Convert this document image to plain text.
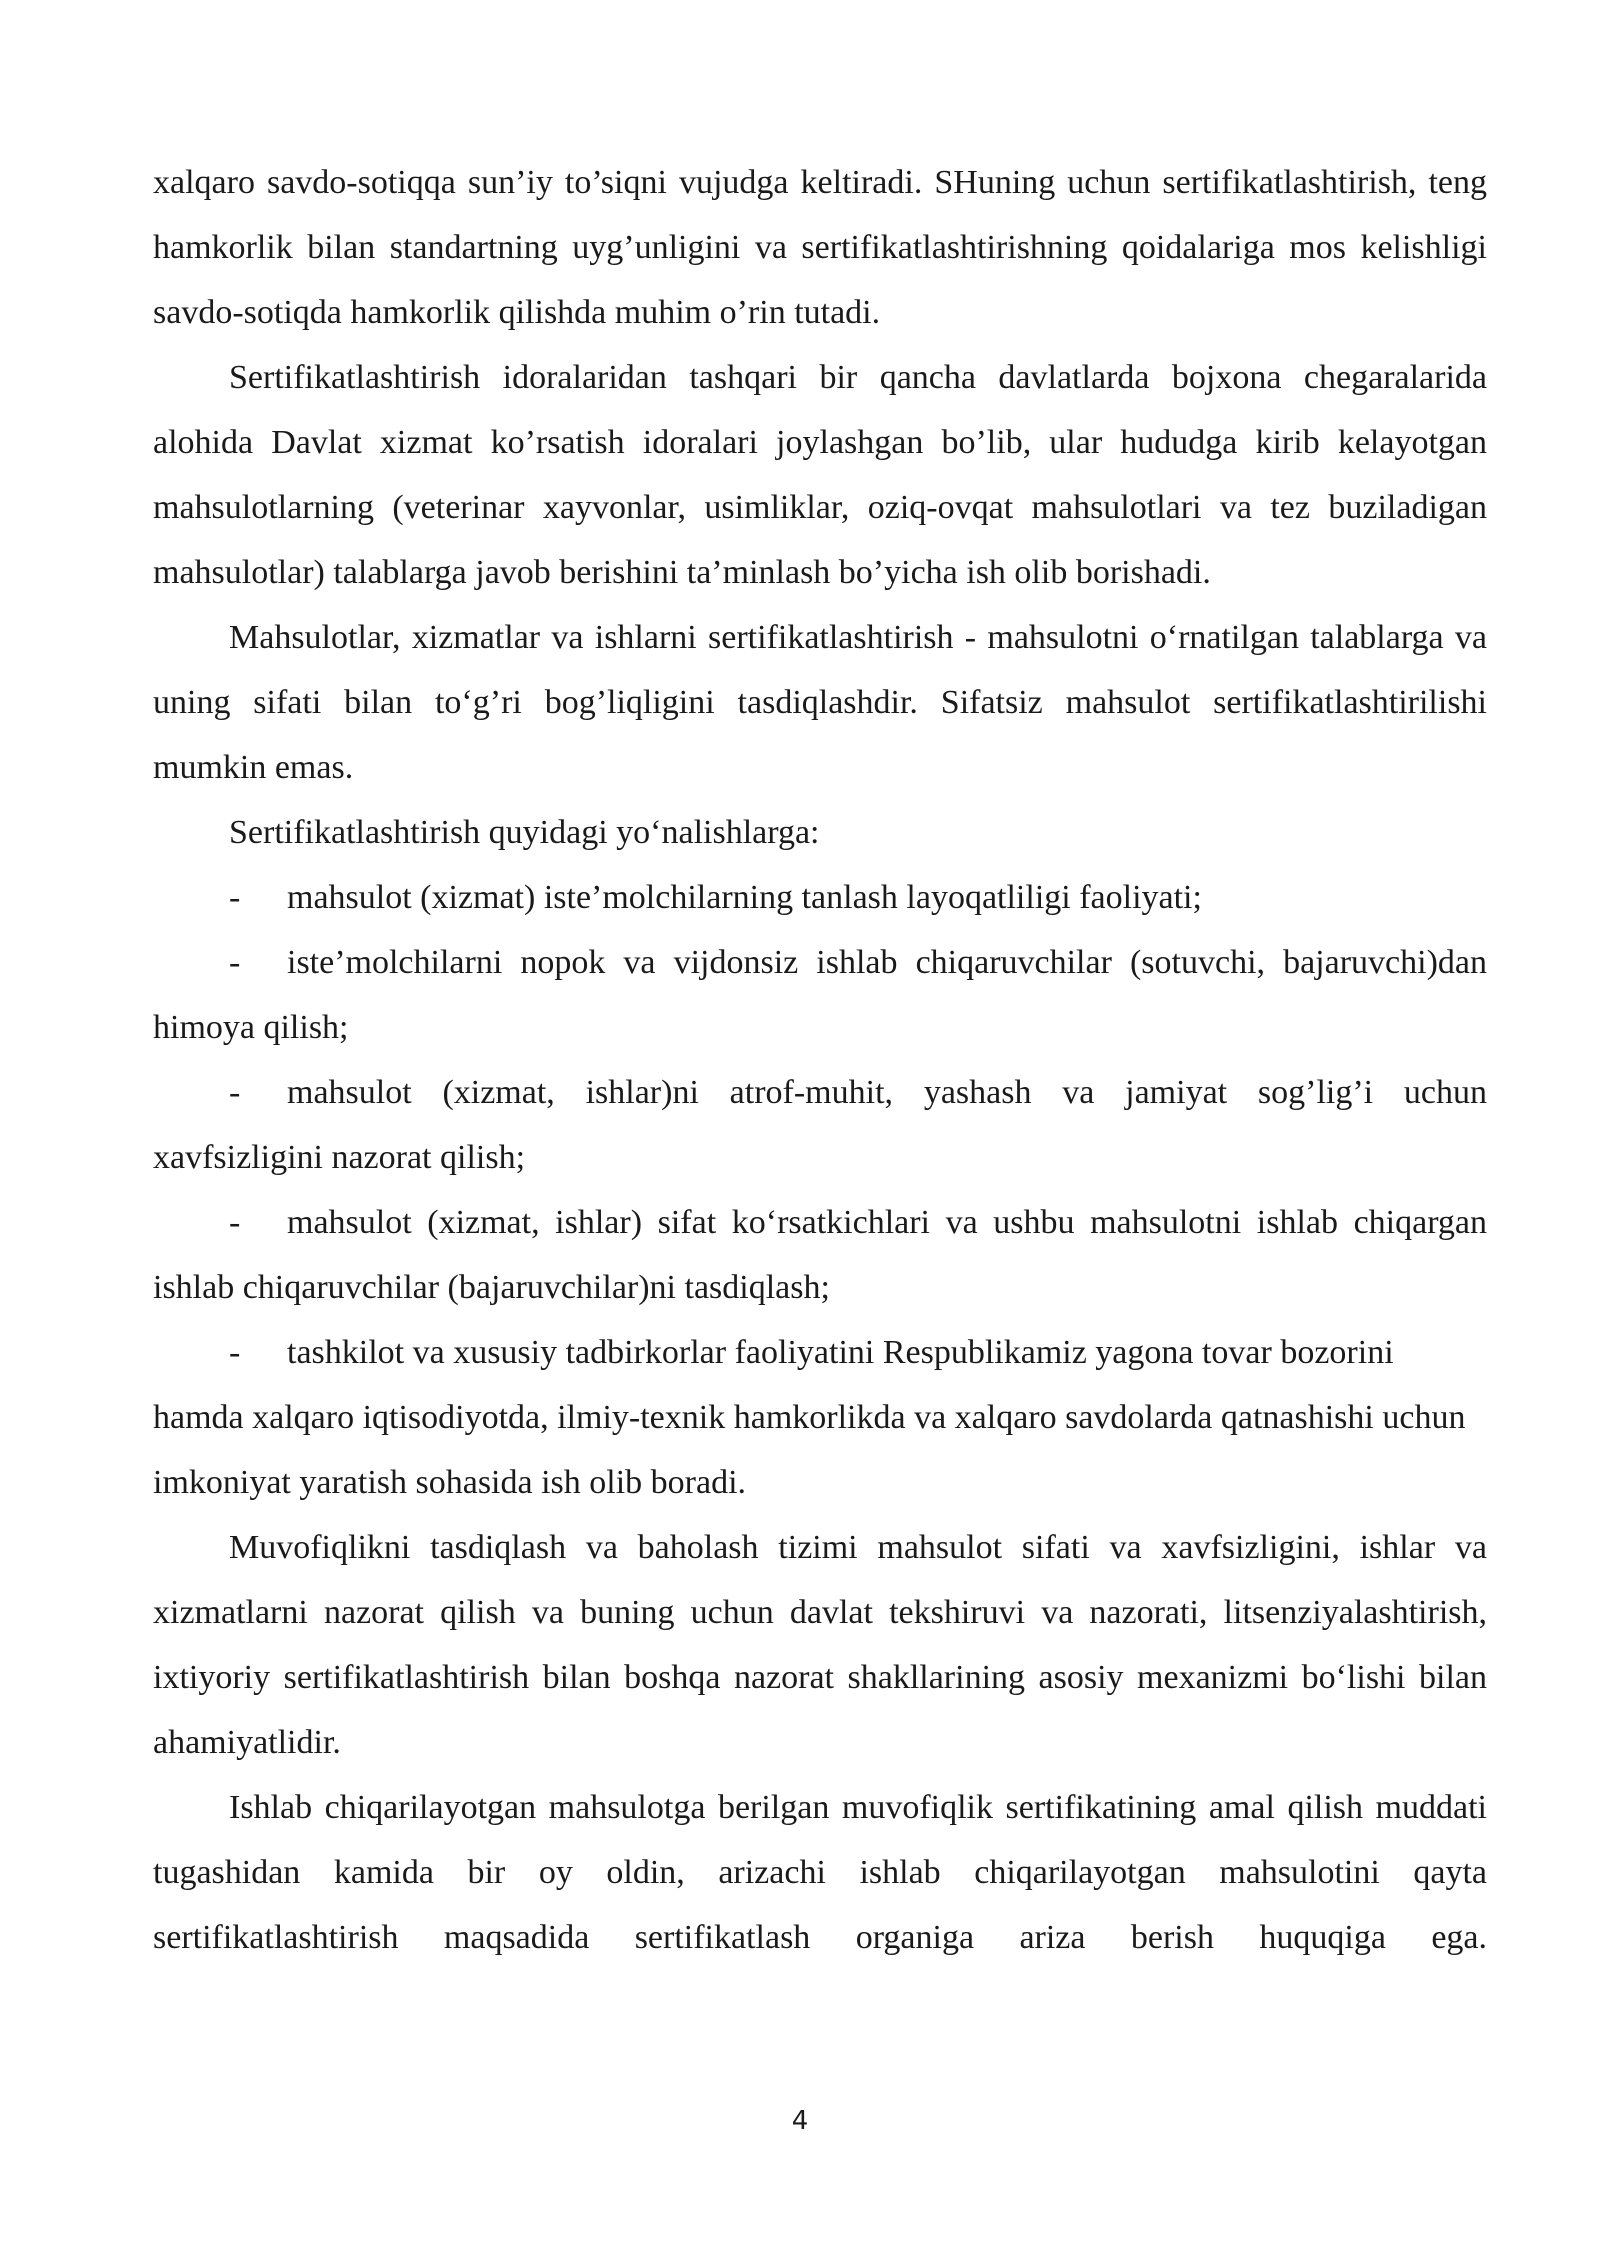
xalqaro savdo-sotiqqa sun’iy to’siqni vujudga keltiradi. SHuning uchun sertifikatlashtirish, teng hamkorlik bilan standartning uyg’unligini va sertifikatlashtirishning qoidalariga mos kelishligi savdo-sotiqda hamkorlik qilishda muhim o’rin tutadi.

Sertifikatlashtirish idoralaridan tashqari bir qancha davlatlarda bojxona chegaralarida alohida Davlat xizmat ko’rsatish idoralari joylashgan bo’lib, ular hududga kirib kelayotgan mahsulotlarning (veterinar xayvonlar, usimliklar, oziq-ovqat mahsulotlari va tez buziladigan mahsulotlar) talablarga javob berishini ta’minlash bo’yicha ish olib borishadi.

Mahsulotlar, xizmatlar va ishlarni sertifikatlashtirish - mahsulotni o‘rnatilgan talablarga va uning sifati bilan to‘g’ri bog’liqligini tasdiqlashdir. Sifatsiz mahsulot sertifikatlashtirilishi mumkin emas.

Sertifikatlashtirish quyidagi yo‘nalishlarga:

- mahsulot (xizmat) iste’molchilarning tanlash layoqatliligi faoliyati;

- iste’molchilarni nopok va vijdonsiz ishlab chiqaruvchilar (sotuvchi, bajaruvchi)dan himoya qilish;

- mahsulot (xizmat, ishlar)ni atrof-muhit, yashash va jamiyat sog’lig’i uchun xavfsizligini nazorat qilish;

- mahsulot (xizmat, ishlar) sifat ko‘rsatkichlari va ushbu mahsulotni ishlab chiqargan ishlab chiqaruvchilar (bajaruvchilar)ni tasdiqlash;

- tashkilot va xususiy tadbirkorlar faoliyatini Respublikamiz yagona tovar bozorini hamda xalqaro iqtisodiyotda, ilmiy-texnik hamkorlikda va xalqaro savdolarda qatnashishi uchun imkoniyat yaratish sohasida ish olib boradi.

Muvofiqlikni tasdiqlash va baholash tizimi mahsulot sifati va xavfsizligini, ishlar va xizmatlarni nazorat qilish va buning uchun davlat tekshiruvi va nazorati, litsenziyalashtirish, ixtiyoriy sertifikatlashtirish bilan boshqa nazorat shakllarining asosiy mexanizmi bo‘lishi bilan ahamiyatlidir.

Ishlab chiqarilayotgan mahsulotga berilgan muvofiqlik sertifikatining amal qilish muddati tugashidan kamida bir oy oldin, arizachi ishlab chiqarilayotgan mahsulotini qayta sertifikatlashtirish maqsadida sertifikatlash organiga ariza berish huquqiga ega.

4
